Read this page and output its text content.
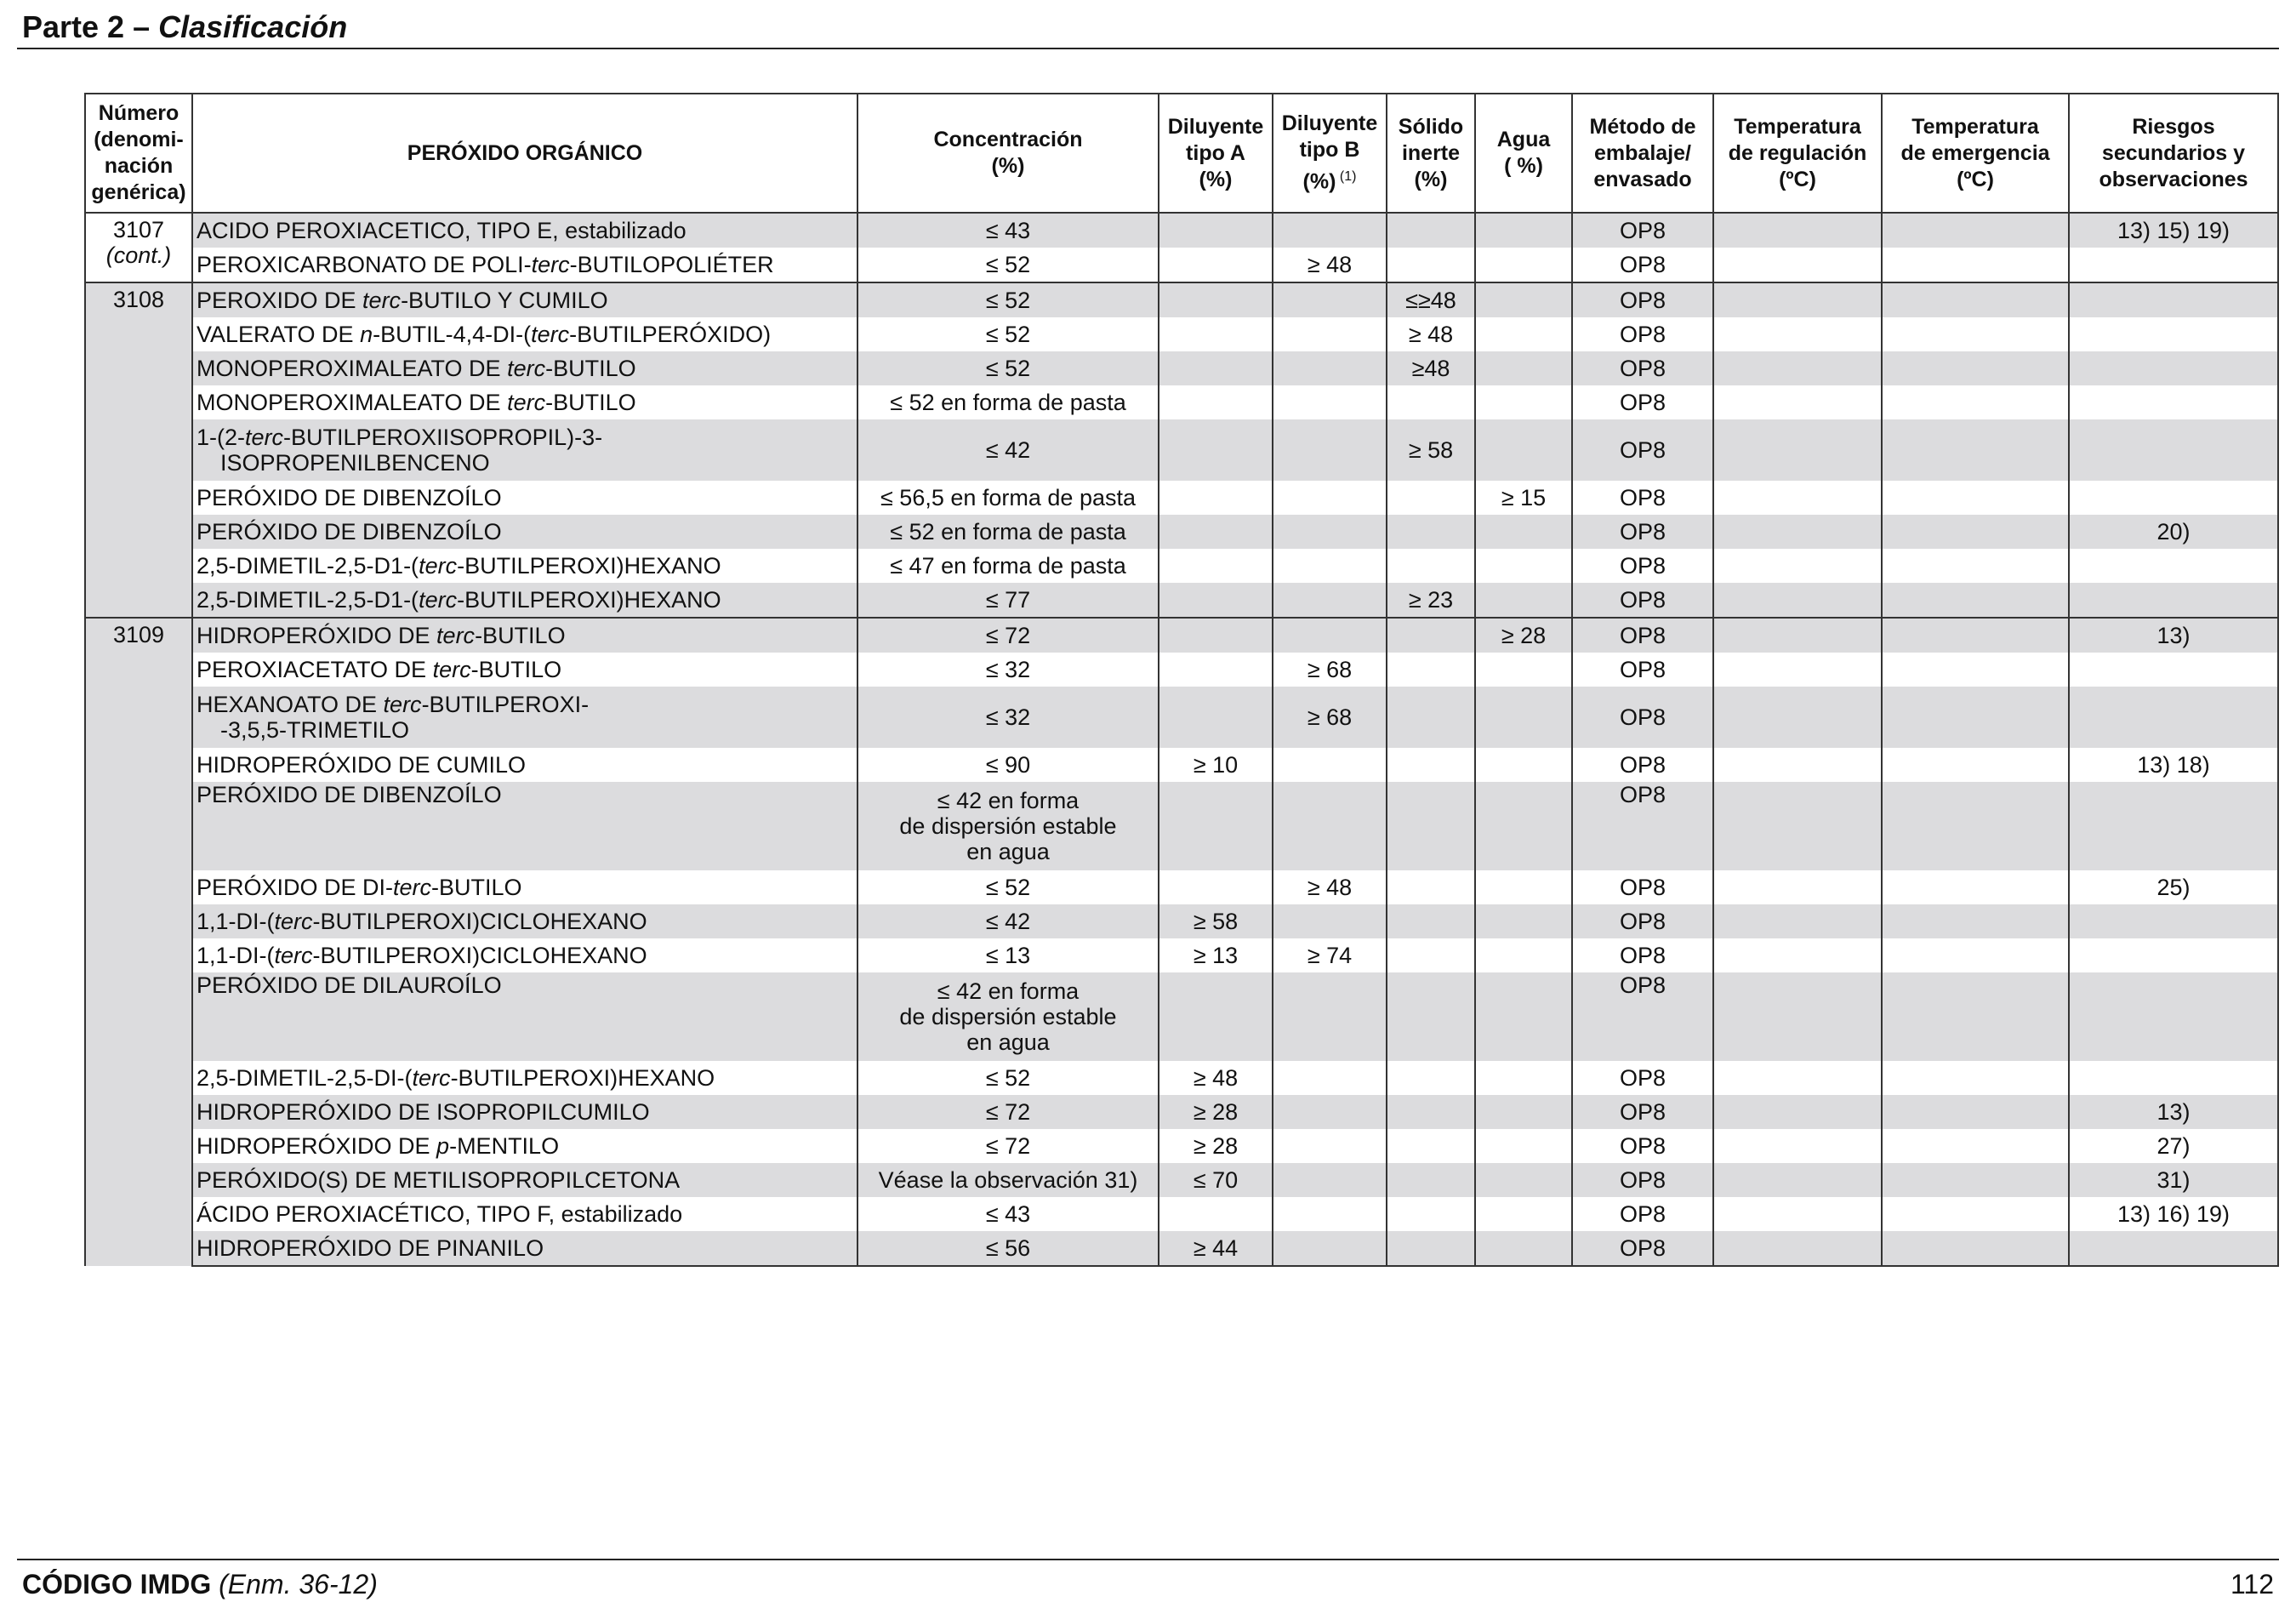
Parte 2 – Clasificación
Número
(denomi-
nación
genérica)	PERÓXIDO ORGÁNICO	Concentración
(%)	Diluyente
tipo A
(%)	Diluyente
tipo B
(%) $^{(1)}$	Sólido
inerte
(%)	Agua
( %)	Método de
embalaje/
envasado	Temperatura
de regulación
(ºC)	Temperatura
de emergencia
(ºC)	Riesgos
secundarios y
observaciones
3107
(cont.)	ACIDO PEROXIACETICO, TIPO E, estabilizado	≤ 43					OP8			13) 15) 19)

	PEROXICARBONATO DE POLI-terc-BUTILOPOLIÉTER	≤ 52		≥ 48			OP8			
3108	PEROXIDO DE terc-BUTILO Y CUMILO	≤ 52			≤≥48		OP8			

	VALERATO DE n-BUTIL-4,4-DI-(terc-BUTILPERÓXIDO)	≤ 52			≥ 48		OP8			

	MONOPEROXIMALEATO DE terc-BUTILO	≤ 52			≥48		OP8			

	MONOPEROXIMALEATO DE terc-BUTILO	≤ 52 en forma de pasta					OP8			

	1-(2-terc-BUTILPEROXIISOPROPIL)-3-
ISOPROPENILBENCENO	≤ 42			≥ 58		OP8			

	PERÓXIDO DE DIBENZOÍLO	≤ 56,5 en forma de pasta				≥ 15	OP8			

	PERÓXIDO DE DIBENZOÍLO	≤ 52 en forma de pasta					OP8			20)

	2,5-DIMETIL-2,5-D1-(terc-BUTILPEROXI)HEXANO	≤ 47 en forma de pasta					OP8			

	2,5-DIMETIL-2,5-D1-(terc-BUTILPEROXI)HEXANO	≤ 77			≥ 23		OP8			
3109	HIDROPERÓXIDO DE terc-BUTILO	≤ 72				≥ 28	OP8			13)

	PEROXIACETATO DE terc-BUTILO	≤ 32		≥ 68			OP8			

	HEXANOATO DE terc-BUTILPEROXI-
-3,5,5-TRIMETILO	≤ 32		≥ 68			OP8			

	HIDROPERÓXIDO DE CUMILO	≤ 90	≥ 10				OP8			13) 18)

	PERÓXIDO DE DIBENZOÍLO	≤ 42 en forma
de dispersión estable
en agua					OP8			

	PERÓXIDO DE DI-terc-BUTILO	≤ 52		≥ 48			OP8			25)

	1,1-DI-(terc-BUTILPEROXI)CICLOHEXANO	≤ 42	≥ 58				OP8			

	1,1-DI-(terc-BUTILPEROXI)CICLOHEXANO	≤ 13	≥ 13	≥ 74			OP8			

	PERÓXIDO DE DILAUROÍLO	≤ 42 en forma
de dispersión estable
en agua					OP8			

	2,5-DIMETIL-2,5-DI-(terc-BUTILPEROXI)HEXANO	≤ 52	≥ 48				OP8			

	HIDROPERÓXIDO DE ISOPROPILCUMILO	≤ 72	≥ 28				OP8			13)

	HIDROPERÓXIDO DE p-MENTILO	≤ 72	≥ 28				OP8			27)

	PERÓXIDO(S) DE METILISOPROPILCETONA	Véase la observación 31)	≤ 70				OP8			31)

	ÁCIDO PEROXIACÉTICO, TIPO F, estabilizado	≤ 43					OP8			13) 16) 19)

	HIDROPERÓXIDO DE PINANILO	≤ 56	≥ 44				OP8			
CÓDIGO IMDG (Enm. 36-12)	112
